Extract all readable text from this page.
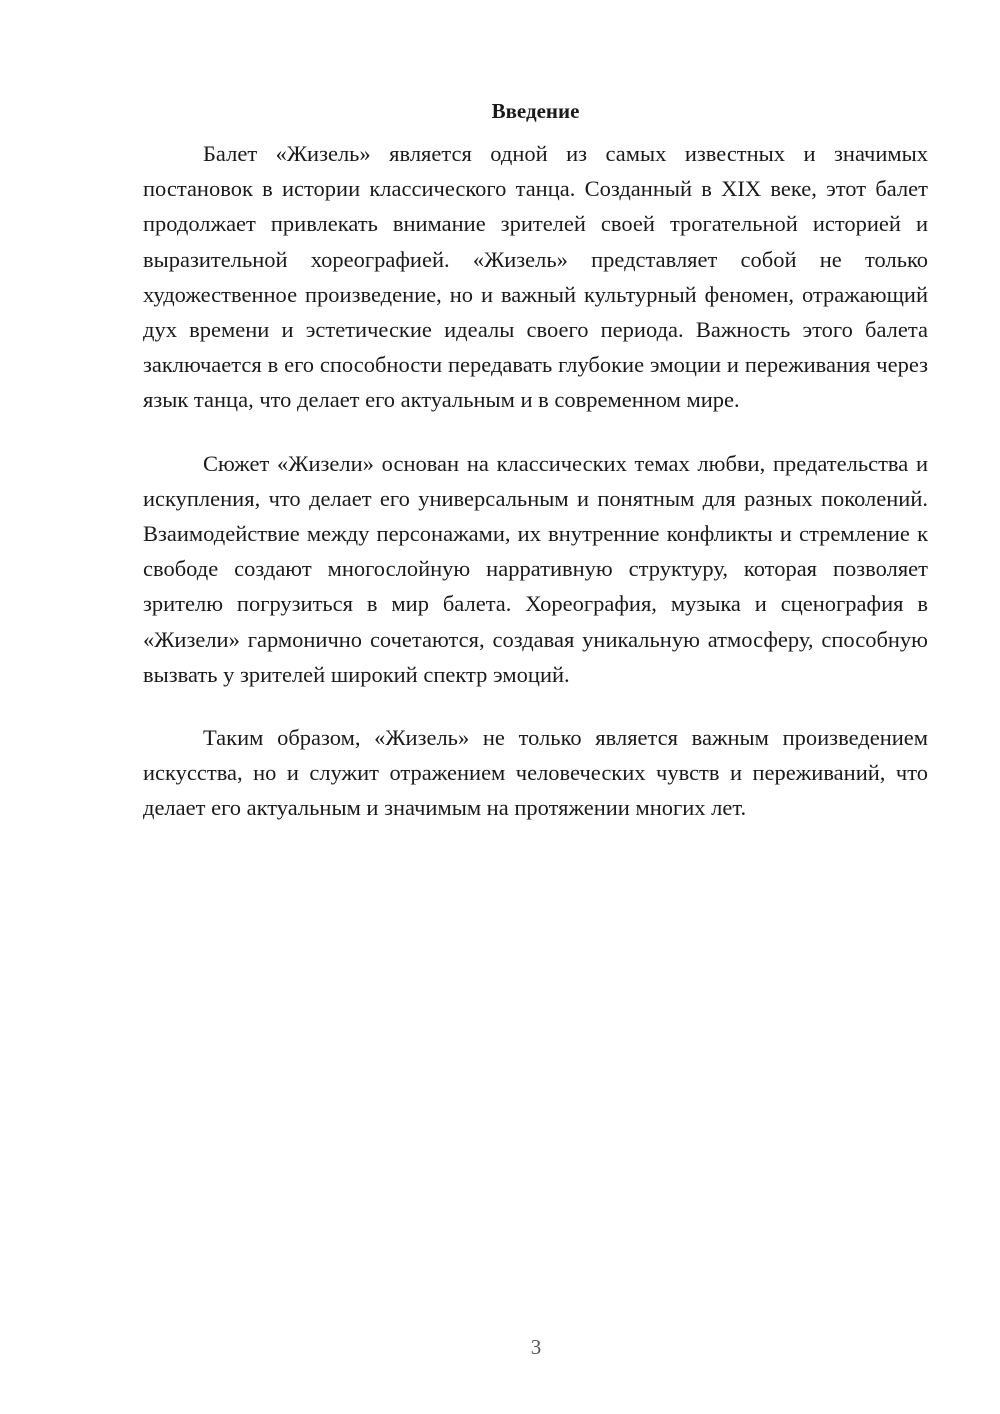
Введение

Балет «Жизель» является одной из самых известных и значимых постановок в истории классического танца. Созданный в XIX веке, этот балет продолжает привлекать внимание зрителей своей трогательной историей и выразительной хореографией. «Жизель» представляет собой не только художественное произведение, но и важный культурный феномен, отражающий дух времени и эстетические идеалы своего периода. Важность этого балета заключается в его способности передавать глубокие эмоции и переживания через язык танца, что делает его актуальным и в современном мире.

Сюжет «Жизели» основан на классических темах любви, предательства и искупления, что делает его универсальным и понятным для разных поколений. Взаимодействие между персонажами, их внутренние конфликты и стремление к свободе создают многослойную нарративную структуру, которая позволяет зрителю погрузиться в мир балета. Хореография, музыка и сценография в «Жизели» гармонично сочетаются, создавая уникальную атмосферу, способную вызвать у зрителей широкий спектр эмоций.

Таким образом, «Жизель» не только является важным произведением искусства, но и служит отражением человеческих чувств и переживаний, что делает его актуальным и значимым на протяжении многих лет.

3
